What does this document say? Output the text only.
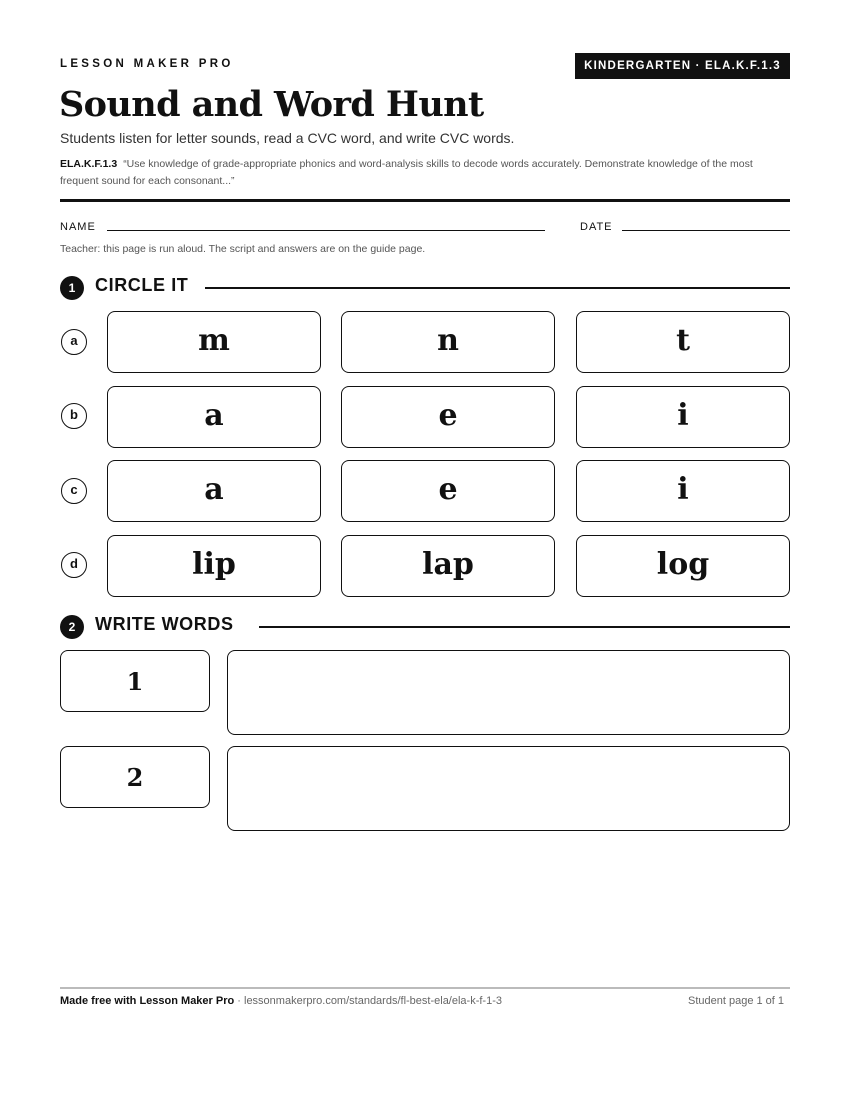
LESSON MAKER PRO	KINDERGARTEN · ELA.K.F.1.3
Sound and Word Hunt
Students listen for letter sounds, read a CVC word, and write CVC words.
ELA.K.F.1.3 “Use knowledge of grade-appropriate phonics and word-analysis skills to decode words accurately. Demonstrate knowledge of the most frequent sound for each consonant...”
NAME	DATE
Teacher: this page is run aloud. The script and answers are on the guide page.
1	CIRCLE IT
a	m	n	t
b	a	e	i
c	a	e	i
d	lip	lap	log
2	WRITE WORDS
1
2
Made free with Lesson Maker Pro · lessonmakerpro.com/standards/fl-best-ela/ela-k-f-1-3	Student page 1 of 1
